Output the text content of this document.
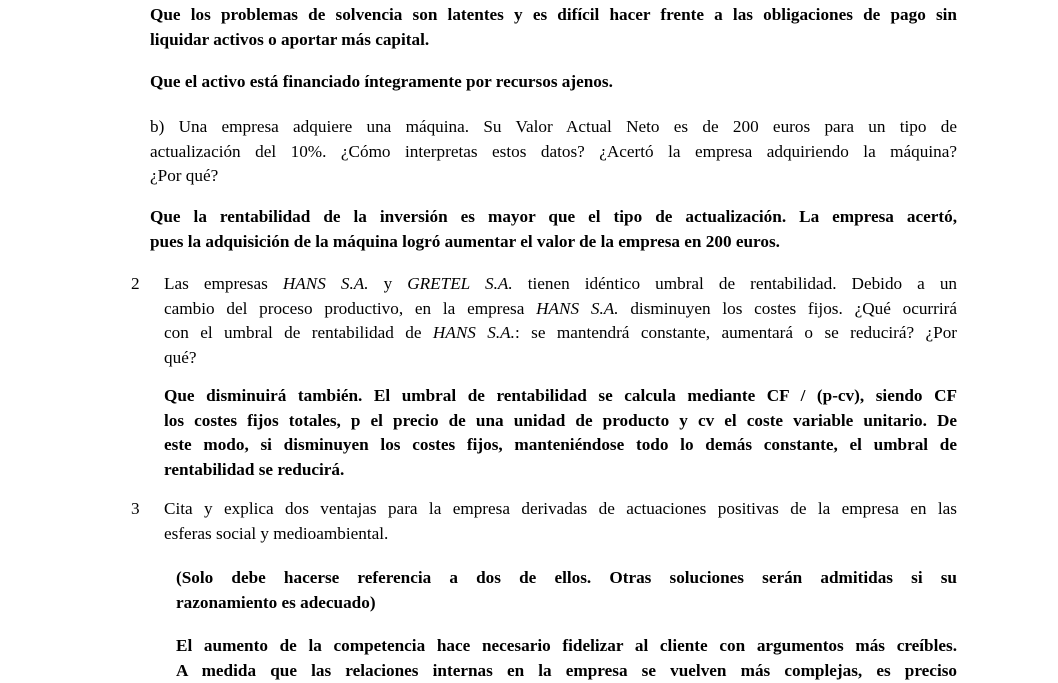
Que los problemas de solvencia son latentes y es difícil hacer frente a las obligaciones de pago sin
liquidar activos o aportar más capital.
Que el activo está financiado íntegramente por recursos ajenos.
b) Una empresa adquiere una máquina. Su Valor Actual Neto es de 200 euros para un tipo de
actualización del 10%. ¿Cómo interpretas estos datos? ¿Acertó la empresa adquiriendo la máquina?
¿Por qué?
Que la rentabilidad de la inversión es mayor que el tipo de actualización. La empresa acertó,
pues la adquisición de la máquina logró aumentar el valor de la empresa en 200 euros.
2 Las empresas HANS S.A. y GRETEL S.A. tienen idéntico umbral de rentabilidad. Debido a un
cambio del proceso productivo, en la empresa HANS S.A. disminuyen los costes fijos. ¿Qué ocurrirá
con el umbral de rentabilidad de HANS S.A.: se mantendrá constante, aumentará o se reducirá? ¿Por
qué?
Que disminuirá también. El umbral de rentabilidad se calcula mediante CF / (p-cv), siendo CF
los costes fijos totales, p el precio de una unidad de producto y cv el coste variable unitario. De
este modo, si disminuyen los costes fijos, manteniéndose todo lo demás constante, el umbral de
rentabilidad se reducirá.
3 Cita y explica dos ventajas para la empresa derivadas de actuaciones positivas de la empresa en las
esferas social y medioambiental.
(Solo debe hacerse referencia a dos de ellos. Otras soluciones serán admitidas si su
razonamiento es adecuado)
El aumento de la competencia hace necesario fidelizar al cliente con argumentos más creíbles.
A medida que las relaciones internas en la empresa se vuelven más complejas, es preciso
